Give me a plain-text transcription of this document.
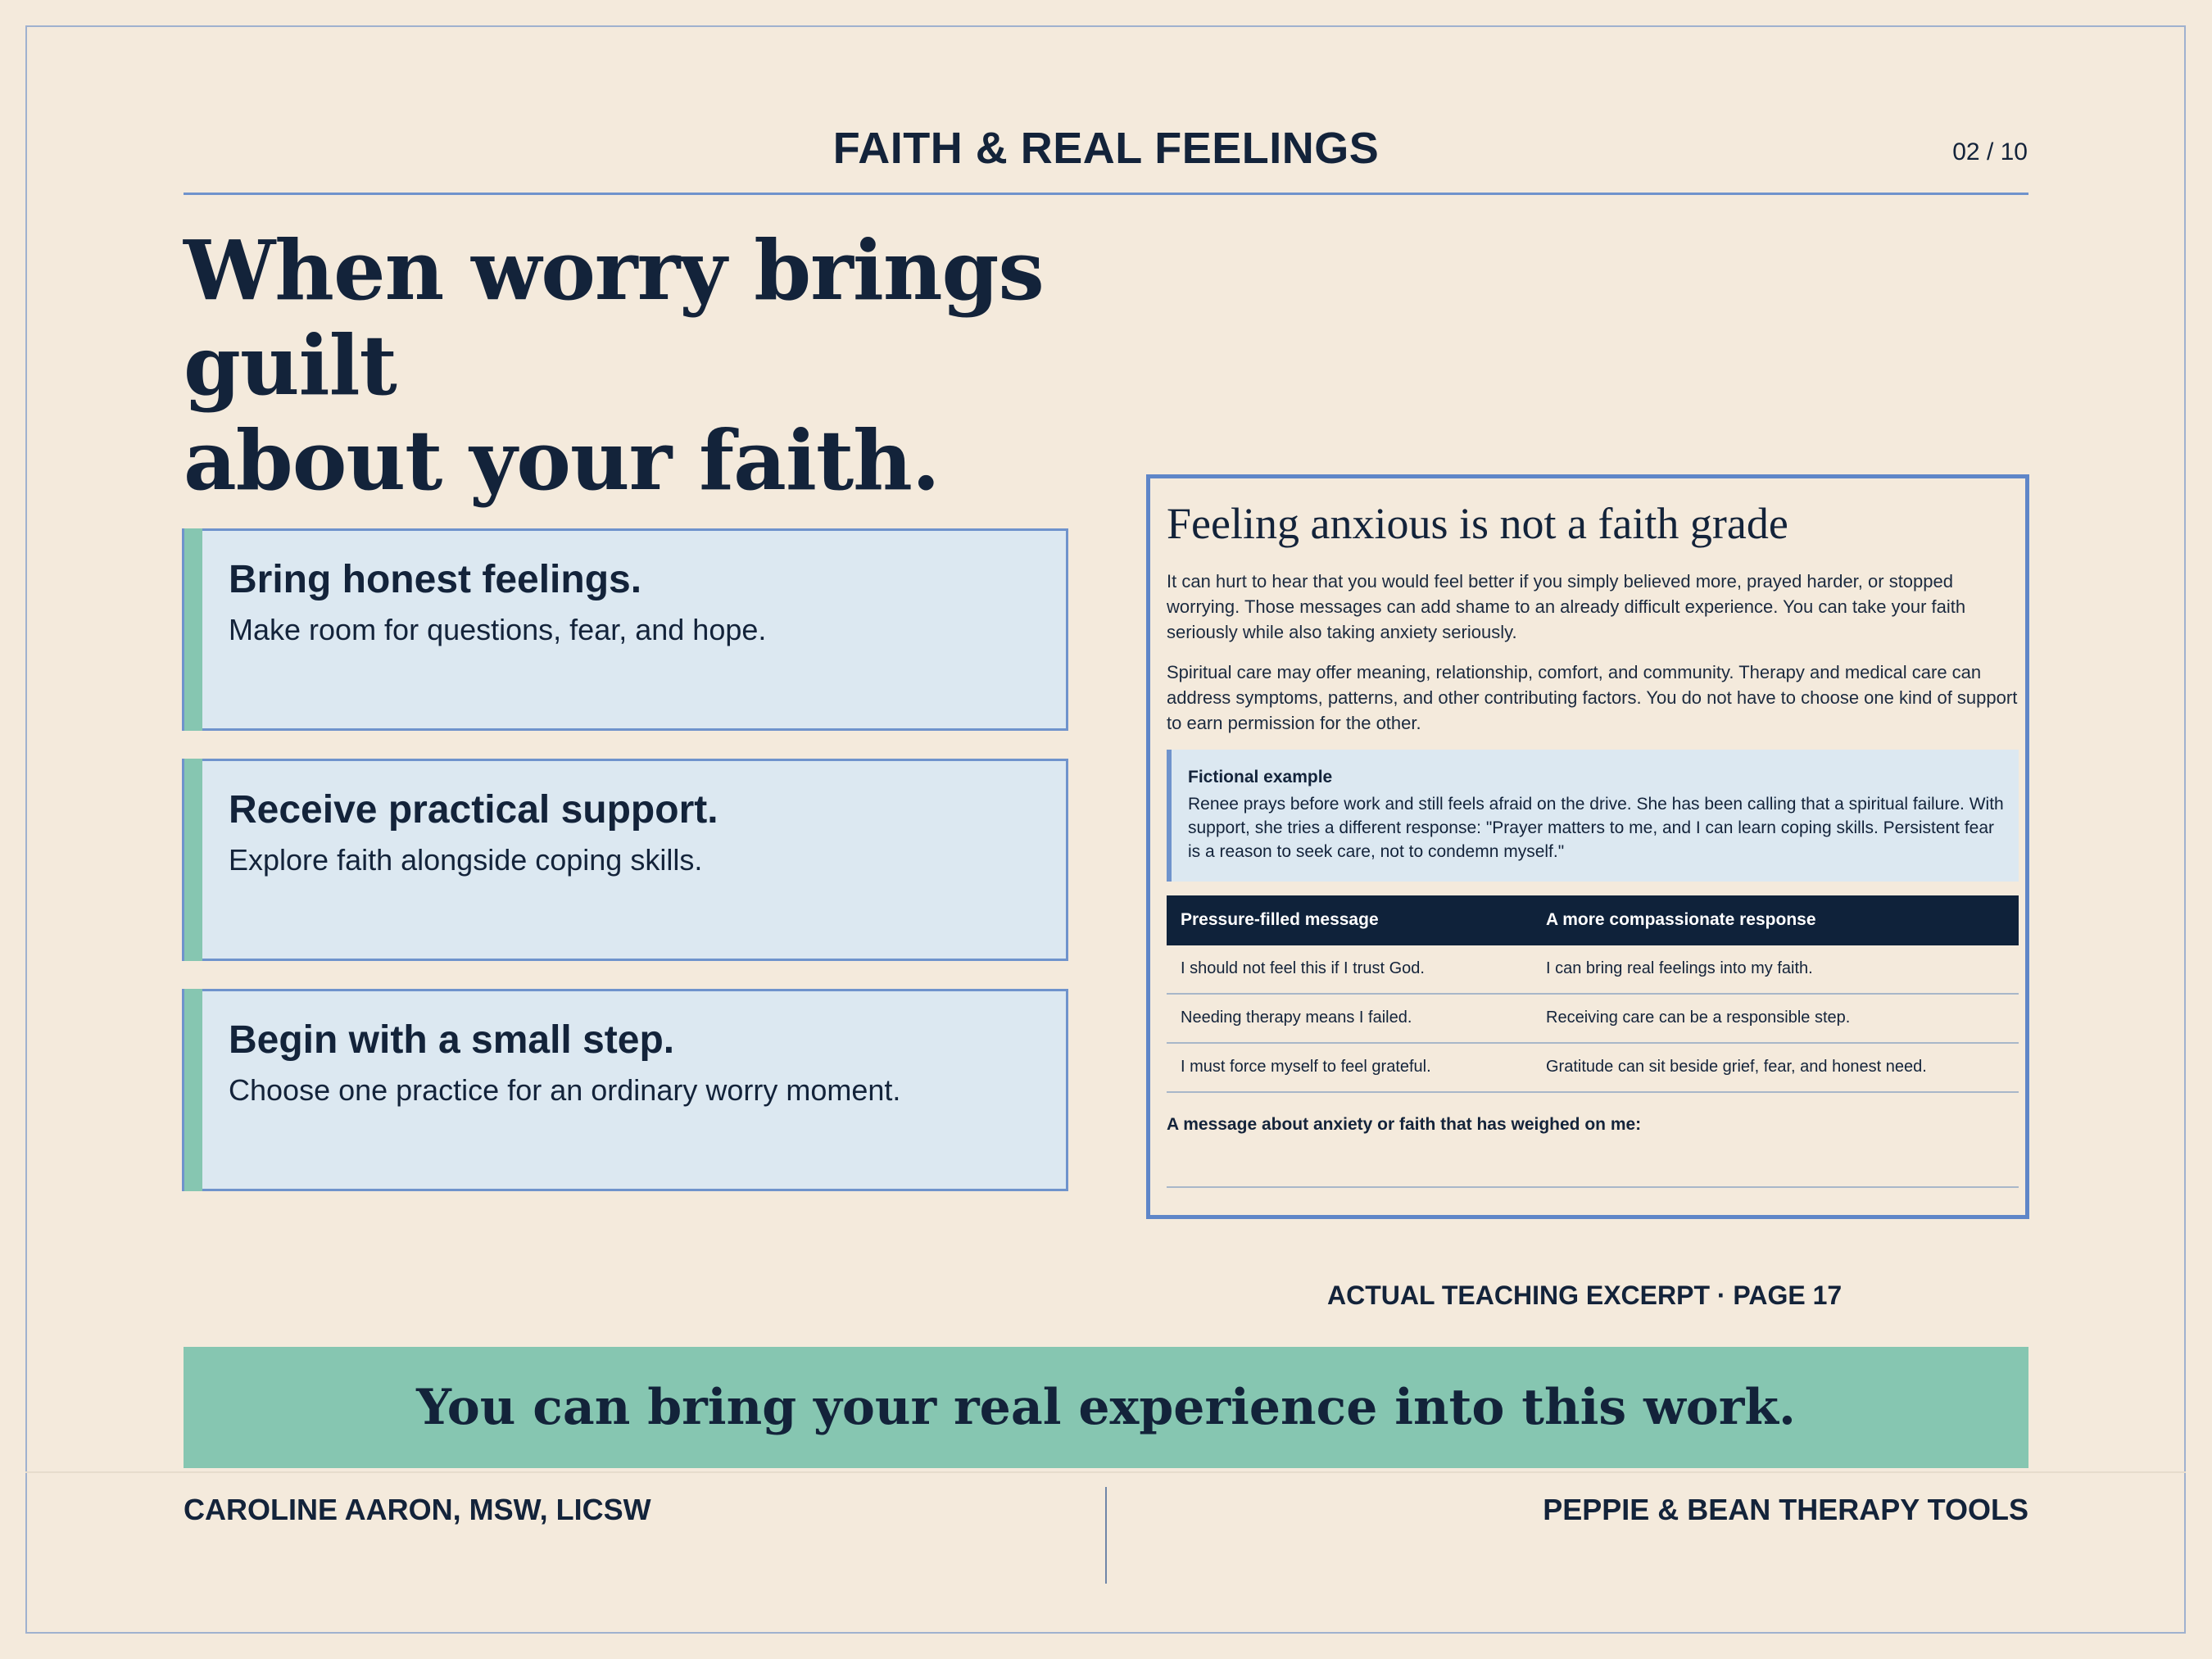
FAITH & REAL FEELINGS	02 / 10
When worry brings guilt
about your faith.
Bring honest feelings.
Make room for questions, fear, and hope.
Receive practical support.
Explore faith alongside coping skills.
Begin with a small step.
Choose one practice for an ordinary worry moment.
Feeling anxious is not a faith grade
It can hurt to hear that you would feel better if you simply believed more, prayed harder, or stopped worrying. Those messages can add shame to an already difficult experience. You can take your faith seriously while also taking anxiety seriously.
Spiritual care may offer meaning, relationship, comfort, and community. Therapy and medical care can address symptoms, patterns, and other contributing factors. You do not have to choose one kind of support to earn permission for the other.
Fictional example
Renee prays before work and still feels afraid on the drive. She has been calling that a spiritual failure. With support, she tries a different response: "Prayer matters to me, and I can learn coping skills. Persistent fear is a reason to seek care, not to condemn myself."
Pressure-filled message	A more compassionate response
I should not feel this if I trust God.	I can bring real feelings into my faith.
Needing therapy means I failed.	Receiving care can be a responsible step.
I must force myself to feel grateful.	Gratitude can sit beside grief, fear, and honest need.
A message about anxiety or faith that has weighed on me:
ACTUAL TEACHING EXCERPT · PAGE 17
You can bring your real experience into this work.
CAROLINE AARON, MSW, LICSW	PEPPIE & BEAN THERAPY TOOLS
